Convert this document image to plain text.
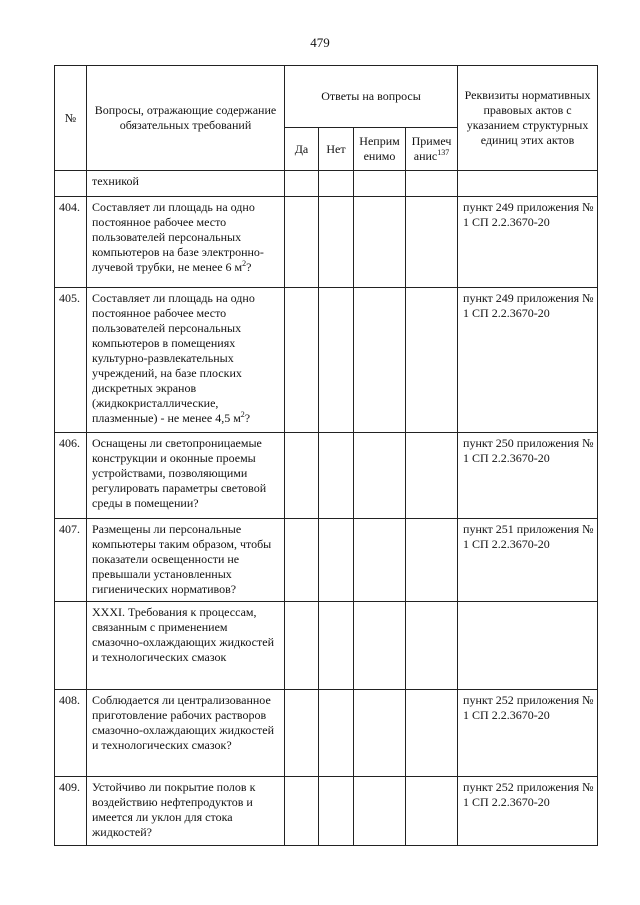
479
№	Вопросы, отражающие содержание обязательных требований	Ответы на вопросы				Реквизиты нормативных правовых актов с указанием структурных единиц этих актов
		Да	Нет	Неприм енимо	Примеч анис$^{137}$
	техникой					
404.	Составляет ли площадь на одно постоянное рабочее место пользователей персональных компьютеров на базе электронно-лучевой трубки, не менее 6 $м^2$?					пункт 249 приложения № 1 СП 2.2.3670-20
405.	Составляет ли площадь на одно постоянное рабочее место пользователей персональных компьютеров в помещениях культурно-развлекательных учреждений, на базе плоских дискретных экранов (жидкокристаллические, плазменные) - не менее 4,5 $м^2$?					пункт 249 приложения № 1 СП 2.2.3670-20
406.	Оснащены ли светопроницаемые конструкции и оконные проемы устройствами, позволяющими регулировать параметры световой среды в помещении?					пункт 250 приложения № 1 СП 2.2.3670-20
407.	Размещены ли персональные компьютеры таким образом, чтобы показатели освещенности не превышали установленных гигиенических нормативов?					пункт 251 приложения № 1 СП 2.2.3670-20
	XXXI. Требования к процессам, связанным с применением смазочно-охлаждающих жидкостей и технологических смазок					
408.	Соблюдается ли централизованное приготовление рабочих растворов смазочно-охлаждающих жидкостей и технологических смазок?					пункт 252 приложения № 1 СП 2.2.3670-20
409.	Устойчиво ли покрытие полов к воздействию нефтепродуктов и имеется ли уклон для стока жидкостей?					пункт 252 приложения № 1 СП 2.2.3670-20
